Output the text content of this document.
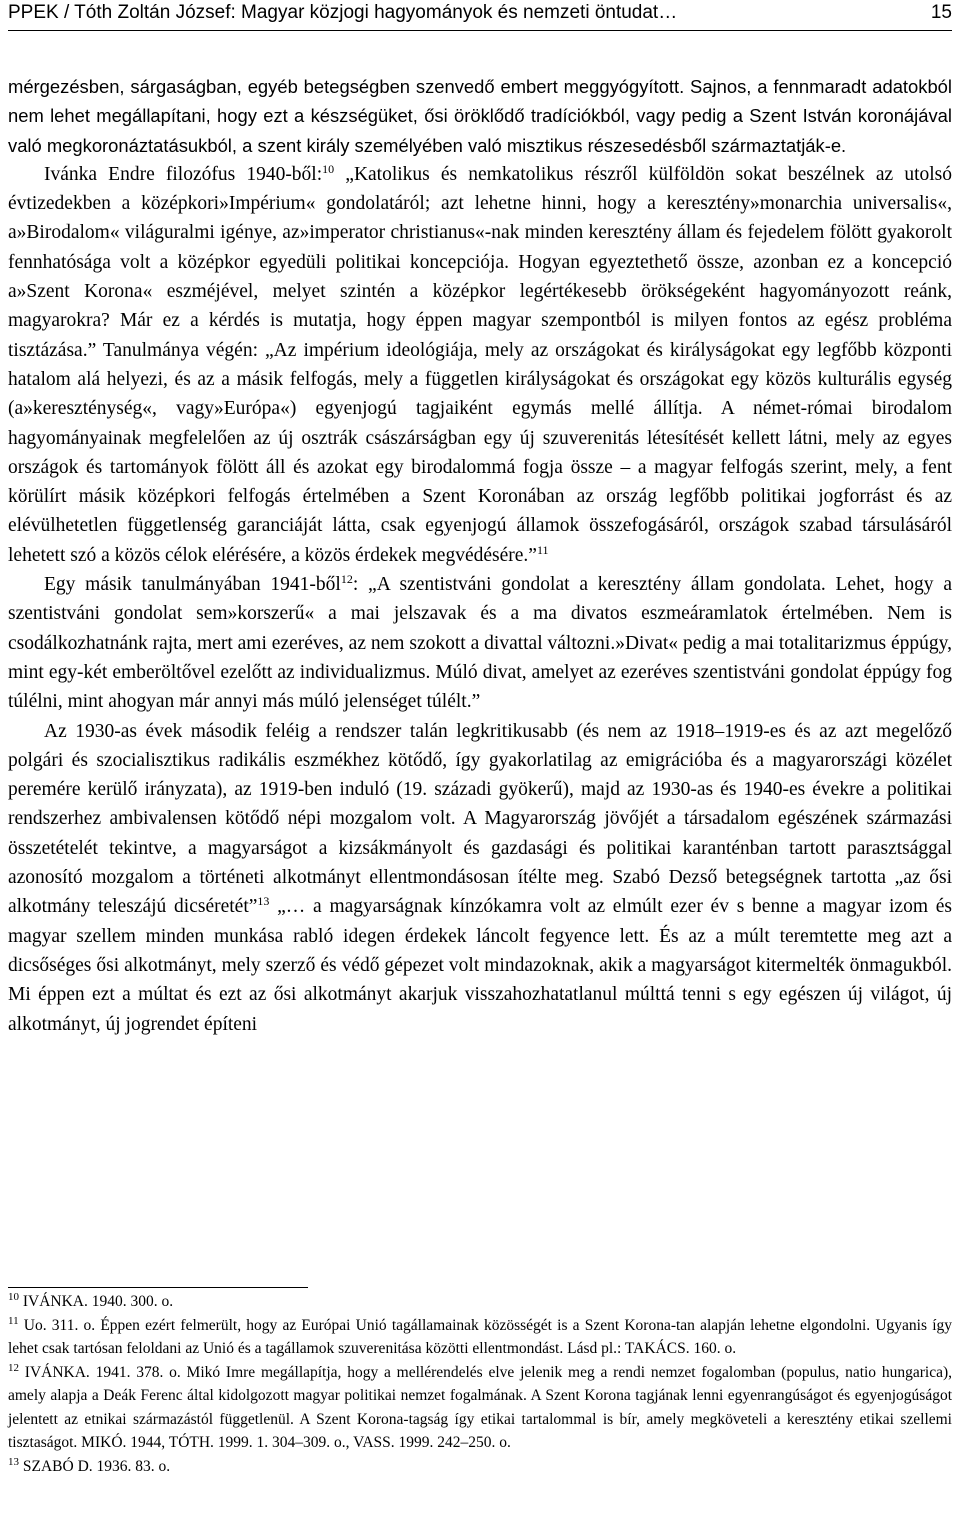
PPEK / Tóth Zoltán József: Magyar közjogi hagyományok és nemzeti öntudat…	15

mérgezésben, sárgaságban, egyéb betegségben szenvedő embert meggyógyított. Sajnos, a fennmaradt adatokból nem lehet megállapítani, hogy ezt a készségüket, ősi öröklődő tradíciókból, vagy pedig a Szent István koronájával való megkoronáztatásukból, a szent király személyében való misztikus részesedésből származtatják-e.

Ivánka Endre filozófus 1940-ből:$^{10}$ „Katolikus és nemkatolikus részről külföldön sokat beszélnek az utolsó évtizedekben a középkori»Impérium« gondolatáról; azt lehetne hinni, hogy a keresztény»monarchia universalis«, a»Birodalom« világuralmi igénye, az»imperator christianus«-nak minden keresztény állam és fejedelem fölött gyakorolt fennhatósága volt a középkor egyedüli politikai koncepciója. Hogyan egyeztethető össze, azonban ez a koncepció a»Szent Korona« eszméjével, melyet szintén a középkor legértékesebb örökségeként hagyományozott reánk, magyarokra? Már ez a kérdés is mutatja, hogy éppen magyar szempontból is milyen fontos az egész probléma tisztázása.” Tanulmánya végén: „Az impérium ideológiája, mely az országokat és királyságokat egy legfőbb központi hatalom alá helyezi, és az a másik felfogás, mely a független királyságokat és országokat egy közös kulturális egység (a»kereszténység«, vagy»Európa«) egyenjogú tagjaiként egymás mellé állítja. A német-római birodalom hagyományainak megfelelően az új osztrák császárságban egy új szuverenitás létesítését kellett látni, mely az egyes országok és tartományok fölött áll és azokat egy birodalommá fogja össze – a magyar felfogás szerint, mely, a fent körülírt másik középkori felfogás értelmében a Szent Koronában az ország legfőbb politikai jogforrást és az elévülhetetlen függetlenség garanciáját látta, csak egyenjogú államok összefogásáról, országok szabad társulásáról lehetett szó a közös célok elérésére, a közös érdekek megvédésére.”$^{11}$

Egy másik tanulmányában 1941-ből$^{12}$: „A szentistváni gondolat a keresztény állam gondolata. Lehet, hogy a szentistváni gondolat sem»korszerű« a mai jelszavak és a ma divatos eszmeáramlatok értelmében. Nem is csodálkozhatnánk rajta, mert ami ezeréves, az nem szokott a divattal változni.»Divat« pedig a mai totalitarizmus éppúgy, mint egy-két emberöltővel ezelőtt az individualizmus. Múló divat, amelyet az ezeréves szentistváni gondolat éppúgy fog túlélni, mint ahogyan már annyi más múló jelenséget túlélt.”

Az 1930-as évek második feléig a rendszer talán legkritikusabb (és nem az 1918–1919-es és az azt megelőző polgári és szocialisztikus radikális eszmékhez kötődő, így gyakorlatilag az emigrációba és a magyarországi közélet peremére kerülő irányzata), az 1919-ben induló (19. századi gyökerű), majd az 1930-as és 1940-es évekre a politikai rendszerhez ambivalensen kötődő népi mozgalom volt. A Magyarország jövőjét a társadalom egészének származási összetételét tekintve, a magyarságot a kizsákmányolt és gazdasági és politikai karanténban tartott parasztsággal azonosító mozgalom a történeti alkotmányt ellentmondásosan ítélte meg. Szabó Dezső betegségnek tartotta „az ősi alkotmány teleszájú dicséretét”$^{13}$ „… a magyarságnak kínzókamra volt az elmúlt ezer év s benne a magyar izom és magyar szellem minden munkása rabló idegen érdekek láncolt fegyence lett. És az a múlt teremtette meg azt a dicsőséges ősi alkotmányt, mely szerző és védő gépezet volt mindazoknak, akik a magyarságot kitermelték önmagukból. Mi éppen ezt a múltat és ezt az ősi alkotmányt akarjuk visszahozhatatlanul múlttá tenni s egy egészen új világot, új alkotmányt, új jogrendet építeni

$^{10}$ IVÁNKA. 1940. 300. o.

$^{11}$ Uo. 311. o. Éppen ezért felmerült, hogy az Európai Unió tagállamainak közösségét is a Szent Korona-tan alapján lehetne elgondolni. Ugyanis így lehet csak tartósan feloldani az Unió és a tagállamok szuverenitása közötti ellentmondást. Lásd pl.: TAKÁCS. 160. o.

$^{12}$ IVÁNKA. 1941. 378. o. Mikó Imre megállapítja, hogy a mellérendelés elve jelenik meg a rendi nemzet fogalomban (populus, natio hungarica), amely alapja a Deák Ferenc által kidolgozott magyar politikai nemzet fogalmának. A Szent Korona tagjának lenni egyenrangúságot és egyenjogúságot jelentett az etnikai származástól függetlenül. A Szent Korona-tagság így etikai tartalommal is bír, amely megköveteli a keresztény etikai szellemi tisztaságot. MIKÓ. 1944, TÓTH. 1999. 1. 304–309. o., VASS. 1999. 242–250. o.

$^{13}$ SZABÓ D. 1936. 83. o.
